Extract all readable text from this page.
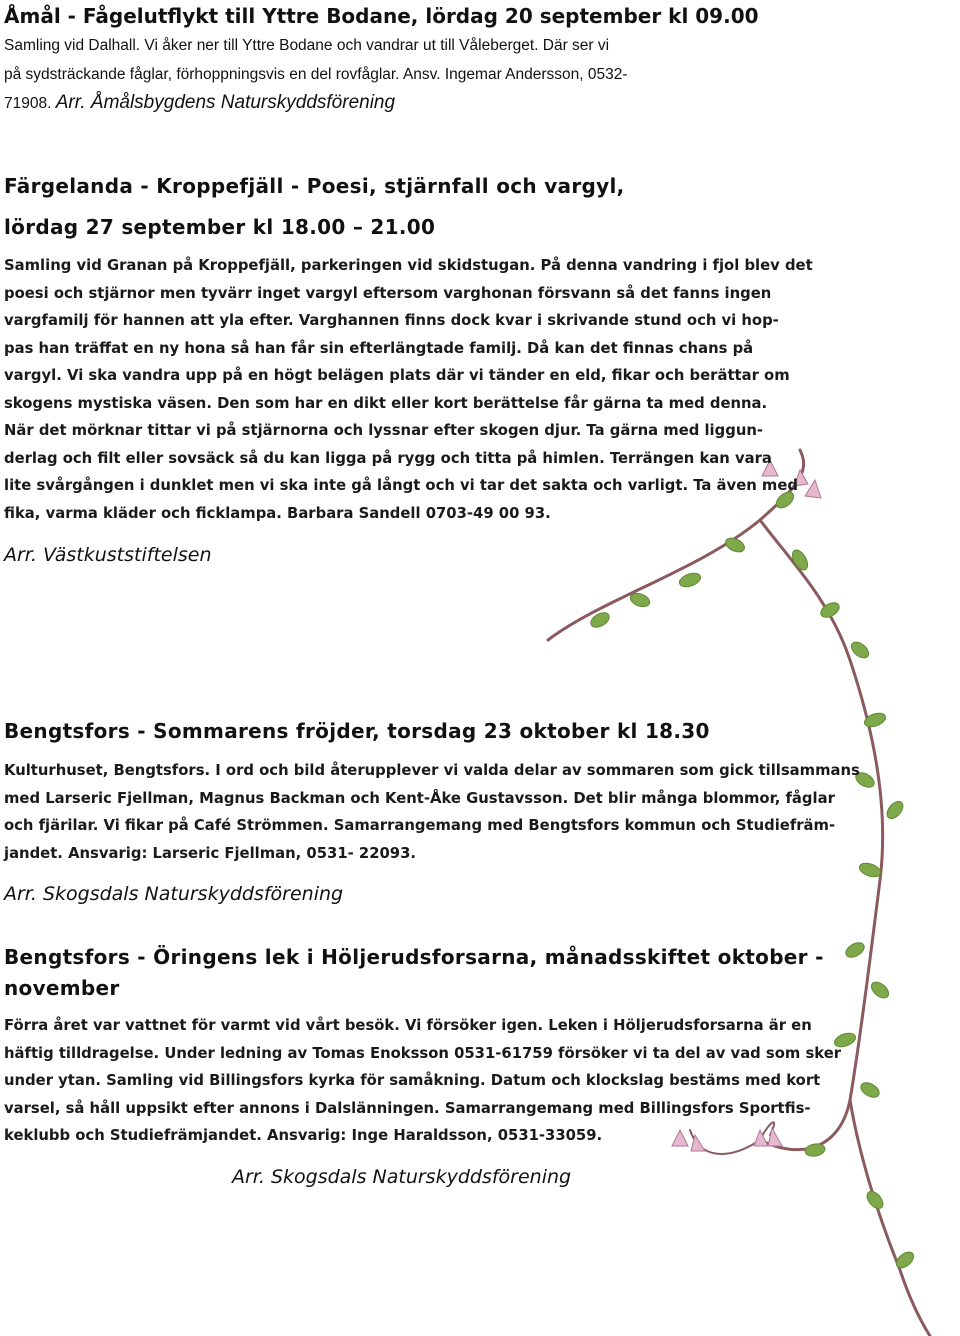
Åmål - Fågelutflykt till Yttre Bodane, lördag 20 september kl 09.00
Samling vid Dalhall. Vi åker ner till Yttre Bodane och vandrar ut till Våleberget. Där ser vi
på sydsträckande fåglar, förhoppningsvis en del rovfåglar. Ansv. Ingemar Andersson, 0532-
71908. Arr. Åmålsbygdens Naturskyddsförening
Färgelanda - Kroppefjäll - Poesi, stjärnfall och vargyl,
lördag 27 september kl 18.00 – 21.00
Samling vid Granan på Kroppefjäll, parkeringen vid skidstugan. På denna vandring i fjol blev det
poesi och stjärnor men tyvärr inget vargyl eftersom varghonan försvann så det fanns ingen
vargfamilj för hannen att yla efter. Varghannen finns dock kvar i skrivande stund och vi hop-
pas han träffat en ny hona så han får sin efterlängtade familj. Då kan det finnas chans på
vargyl. Vi ska vandra upp på en högt belägen plats där vi tänder en eld, fikar och berättar om
skogens mystiska väsen. Den som har en dikt eller kort berättelse får gärna ta med denna.
När det mörknar tittar vi på stjärnorna och lyssnar efter skogen djur. Ta gärna med liggun-
derlag och filt eller sovsäck så du kan ligga på rygg och titta på himlen. Terrängen kan vara
lite svårgången i dunklet men vi ska inte gå långt och vi tar det sakta och varligt. Ta även med
fika, varma kläder och ficklampa. Barbara Sandell 0703-49 00 93.
Arr. Västkuststiftelsen
Bengtsfors - Sommarens fröjder, torsdag 23 oktober kl 18.30
Kulturhuset, Bengtsfors. I ord och bild återupplever vi valda delar av sommaren som gick tillsammans
med Larseric Fjellman, Magnus Backman och Kent-Åke Gustavsson. Det blir många blommor, fåglar
och fjärilar. Vi fikar på Café Strömmen. Samarrangemang med Bengtsfors kommun och Studiefräm-
jandet. Ansvarig: Larseric Fjellman, 0531- 22093.
Arr. Skogsdals Naturskyddsförening
Bengtsfors - Öringens lek i Höljerudsforsarna, månadsskiftet oktober -
november
Förra året var vattnet för varmt vid vårt besök. Vi försöker igen. Leken i Höljerudsforsarna är en
häftig tilldragelse. Under ledning av Tomas Enoksson 0531-61759 försöker vi ta del av vad som sker
under ytan. Samling vid Billingsfors kyrka för samåkning. Datum och klockslag bestäms med kort
varsel, så håll uppsikt efter annons i Dalslänningen. Samarrangemang med Billingsfors Sportfis-
keklubb och Studiefrämjandet. Ansvarig: Inge Haraldsson, 0531-33059.
Arr. Skogsdals Naturskyddsförening
